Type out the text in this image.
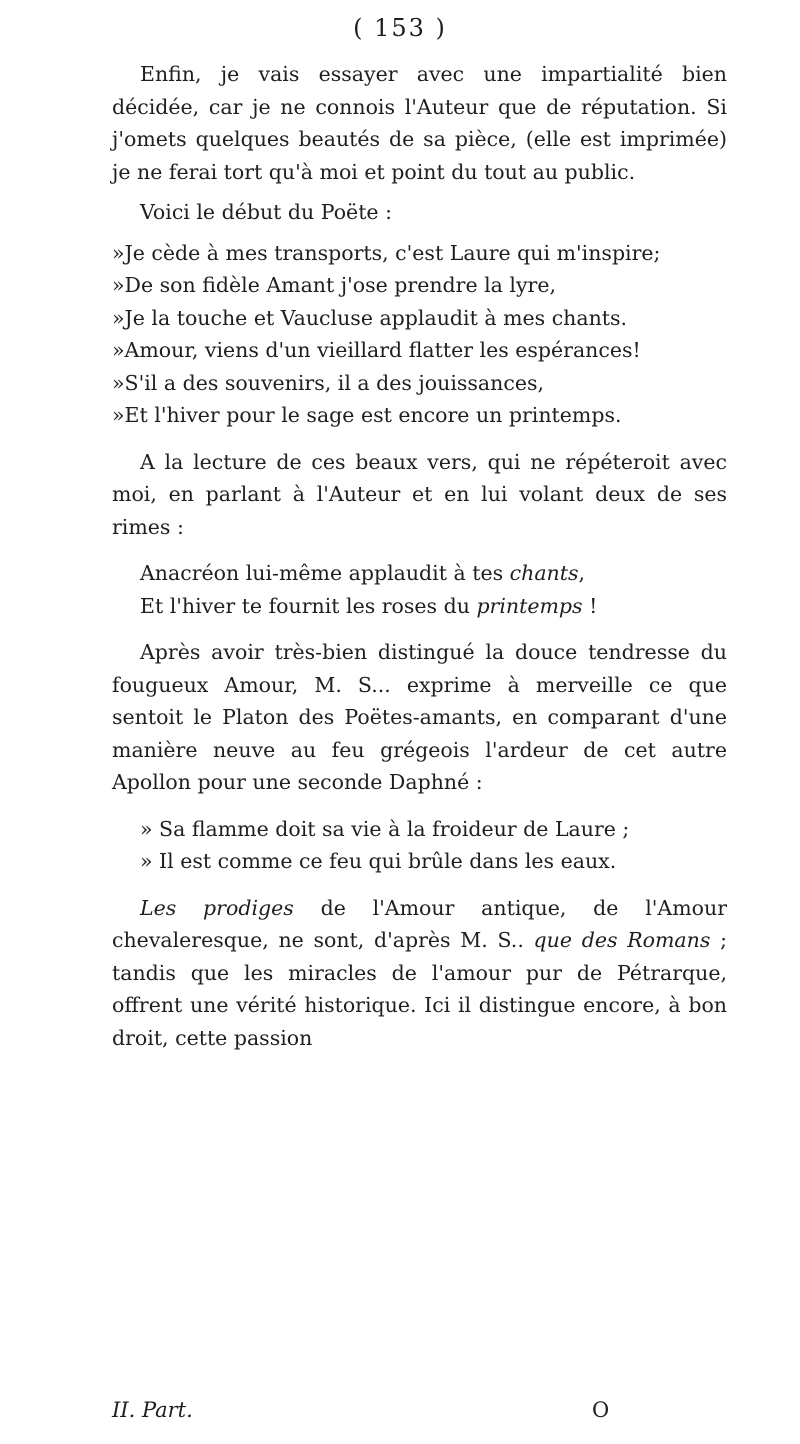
( 153 )

Enfin, je vais essayer avec une impartialité bien décidée, car je ne connois l'Auteur que de réputation. Si j'omets quelques beautés de sa pièce, (elle est imprimée) je ne ferai tort qu'à moi et point du tout au public.

Voici le début du Poëte :

»Je cède à mes transports, c'est Laure qui m'inspire;
»De son fidèle Amant j'ose prendre la lyre,
»Je la touche et Vaucluse applaudit à mes chants.
»Amour, viens d'un vieillard flatter les espérances!
»S'il a des souvenirs, il a des jouissances,
»Et l'hiver pour le sage est encore un printemps.

A la lecture de ces beaux vers, qui ne répéteroit avec moi, en parlant à l'Auteur et en lui volant deux de ses rimes :

Anacréon lui-même applaudit à tes chants,
Et l'hiver te fournit les roses du printemps !

Après avoir très-bien distingué la douce tendresse du fougueux Amour, M. S... exprime à merveille ce que sentoit le Platon des Poëtes-amants, en comparant d'une manière neuve au feu grégeois l'ardeur de cet autre Apollon pour une seconde Daphné :

» Sa flamme doit sa vie à la froideur de Laure ;
» Il est comme ce feu qui brûle dans les eaux.

Les prodiges de l'Amour antique, de l'Amour chevaleresque, ne sont, d'après M. S.. que des Romans ; tandis que les miracles de l'amour pur de Pétrarque, offrent une vérité historique. Ici il distingue encore, à bon droit, cette passion

II. Part.	O
